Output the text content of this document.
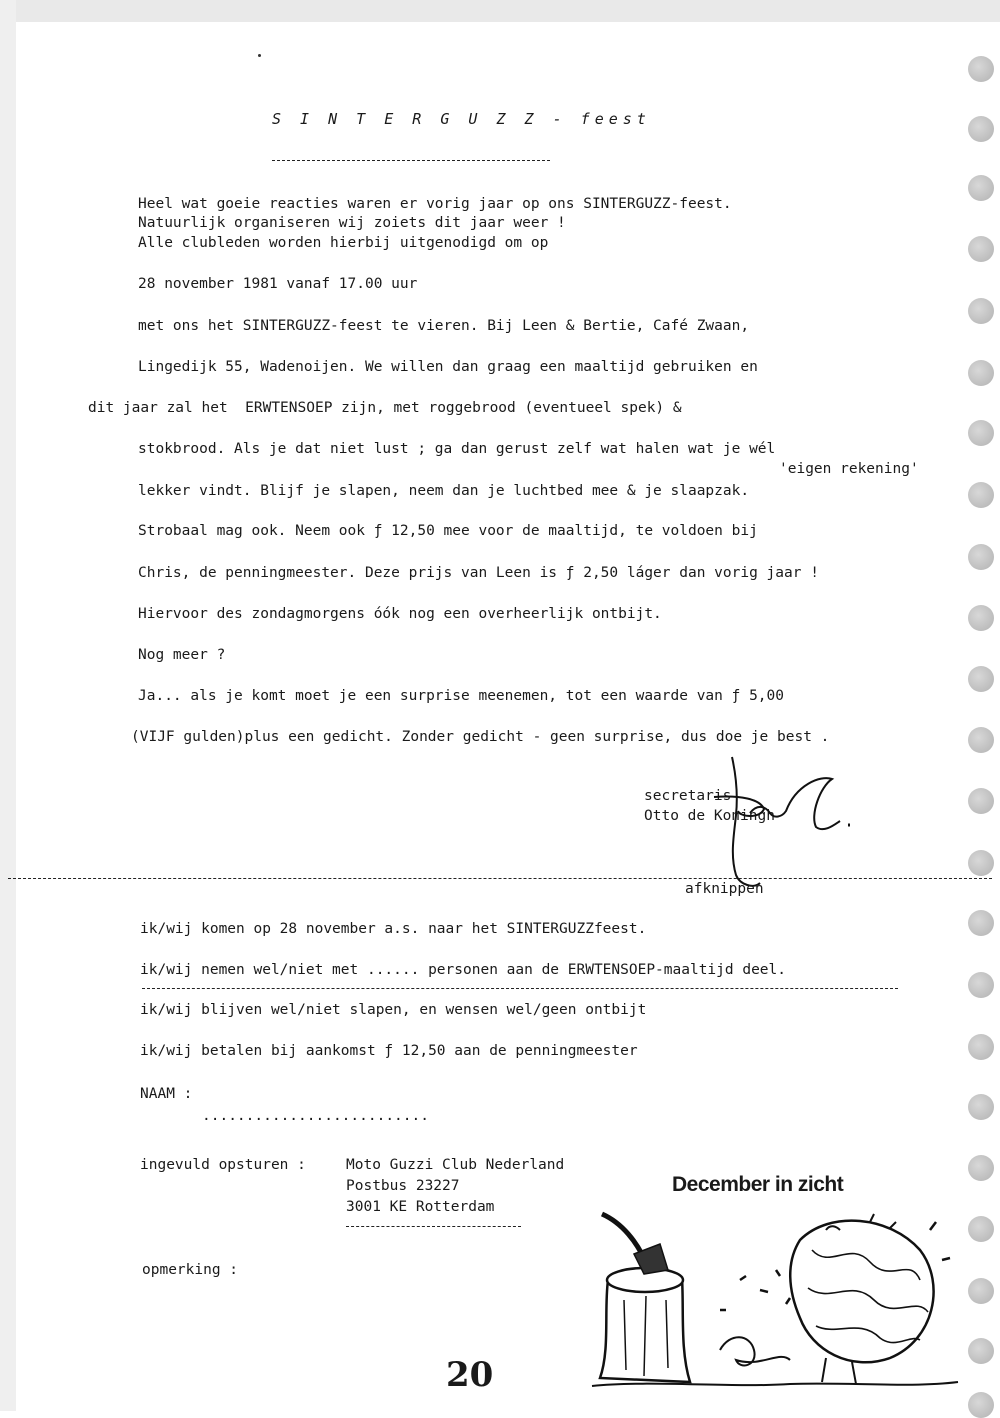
S I N T E R G U Z Z - feest
Heel wat goeie reacties waren er vorig jaar op ons SINTERGUZZ-feest.
Natuurlijk organiseren wij zoiets dit jaar weer !
Alle clubleden worden hierbij uitgenodigd om op
28 november 1981 vanaf 17.00 uur
met ons het SINTERGUZZ-feest te vieren. Bij Leen & Bertie, Café Zwaan,
Lingedijk 55, Wadenoijen. We willen dan graag een maaltijd gebruiken en
dit jaar zal het  ERWTENSOEP zijn, met roggebrood (eventueel spek) &
stokbrood. Als je dat niet lust ; ga dan gerust zelf wat halen wat je wél
'eigen rekening'
lekker vindt. Blijf je slapen, neem dan je luchtbed mee & je slaapzak.
Strobaal mag ook. Neem ook ƒ 12,50 mee voor de maaltijd, te voldoen bij
Chris, de penningmeester. Deze prijs van Leen is ƒ 2,50 láger dan vorig jaar !
Hiervoor des zondagmorgens óók nog een overheerlijk ontbijt.
Nog meer ?
Ja... als je komt moet je een surprise meenemen, tot een waarde van ƒ 5,00
(VIJF gulden)plus een gedicht. Zonder gedicht - geen surprise, dus doe je best .
secretaris
Otto de Koningh
afknippen
ik/wij komen op 28 november a.s. naar het SINTERGUZZfeest.
ik/wij nemen wel/niet met ...... personen aan de ERWTENSOEP-maaltijd deel.
ik/wij blijven wel/niet slapen, en wensen wel/geen ontbijt
ik/wij betalen bij aankomst ƒ 12,50 aan de penningmeester
NAAM :
..........................
ingevuld opsturen :	Moto Guzzi Club Nederland
Postbus 23227
3001 KE Rotterdam
opmerking :
December in zicht
20
